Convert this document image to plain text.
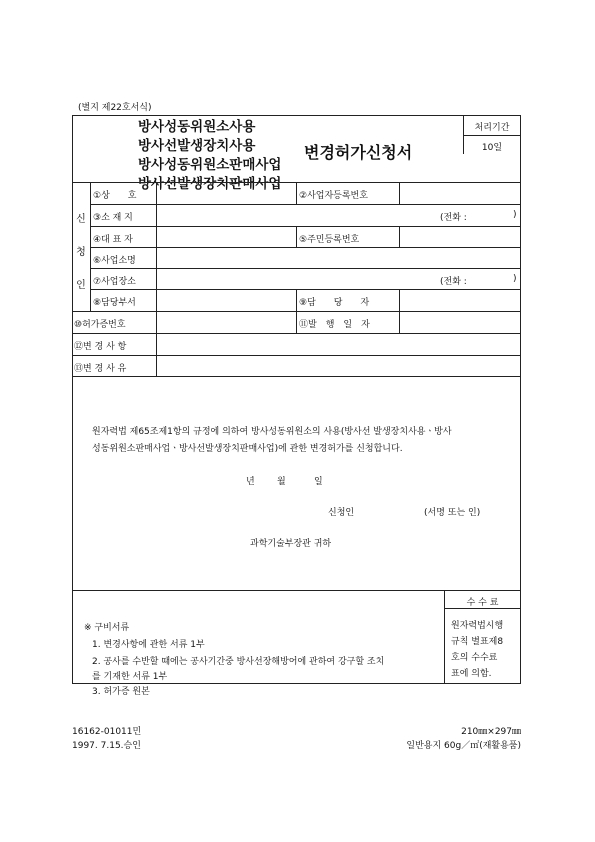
(별지 제22호서식)
방사성동위원소사용
방사선발생장치사용
방사성동위원소판매사업
방사선발생장치판매사업
변경허가신청서
처리기간
10일
신
청
인
①상　　호	②사업자등록번호
③소 재 지	(전화 :	)
④대 표 자	⑤주민등록번호
⑥사업소명
⑦사업장소	(전화 :	)
⑧담당부서	⑨담　　당　　자
⑩허가증번호	⑪발　행　일　자
⑫변 경 사 항
⑬변 경 사 유
원자력법 제65조제1항의 규정에 의하여 방사성동위원소의 사용(방사선 발생장치사용ㆍ방사
성동위원소판매사업ㆍ방사선발생장치판매사업)에 관한 변경허가를 신청합니다.
년 월	일
신청인	(서명 또는 인)
과학기술부장관 귀하
※ 구비서류
1. 변경사항에 관한 서류 1부
2. 공사를 수반할 때에는 공사기간중 방사선장해방어에 관하여 강구할 조치
를 기재한 서류 1부
3. 허가증 원본
수 수 료
원자력법시행
규칙 별표제8
호의 수수료
표에 의함.
16162-01011민
1997. 7.15.승인
210㎜×297㎜
일반용지 60g／㎡(재활용품)
